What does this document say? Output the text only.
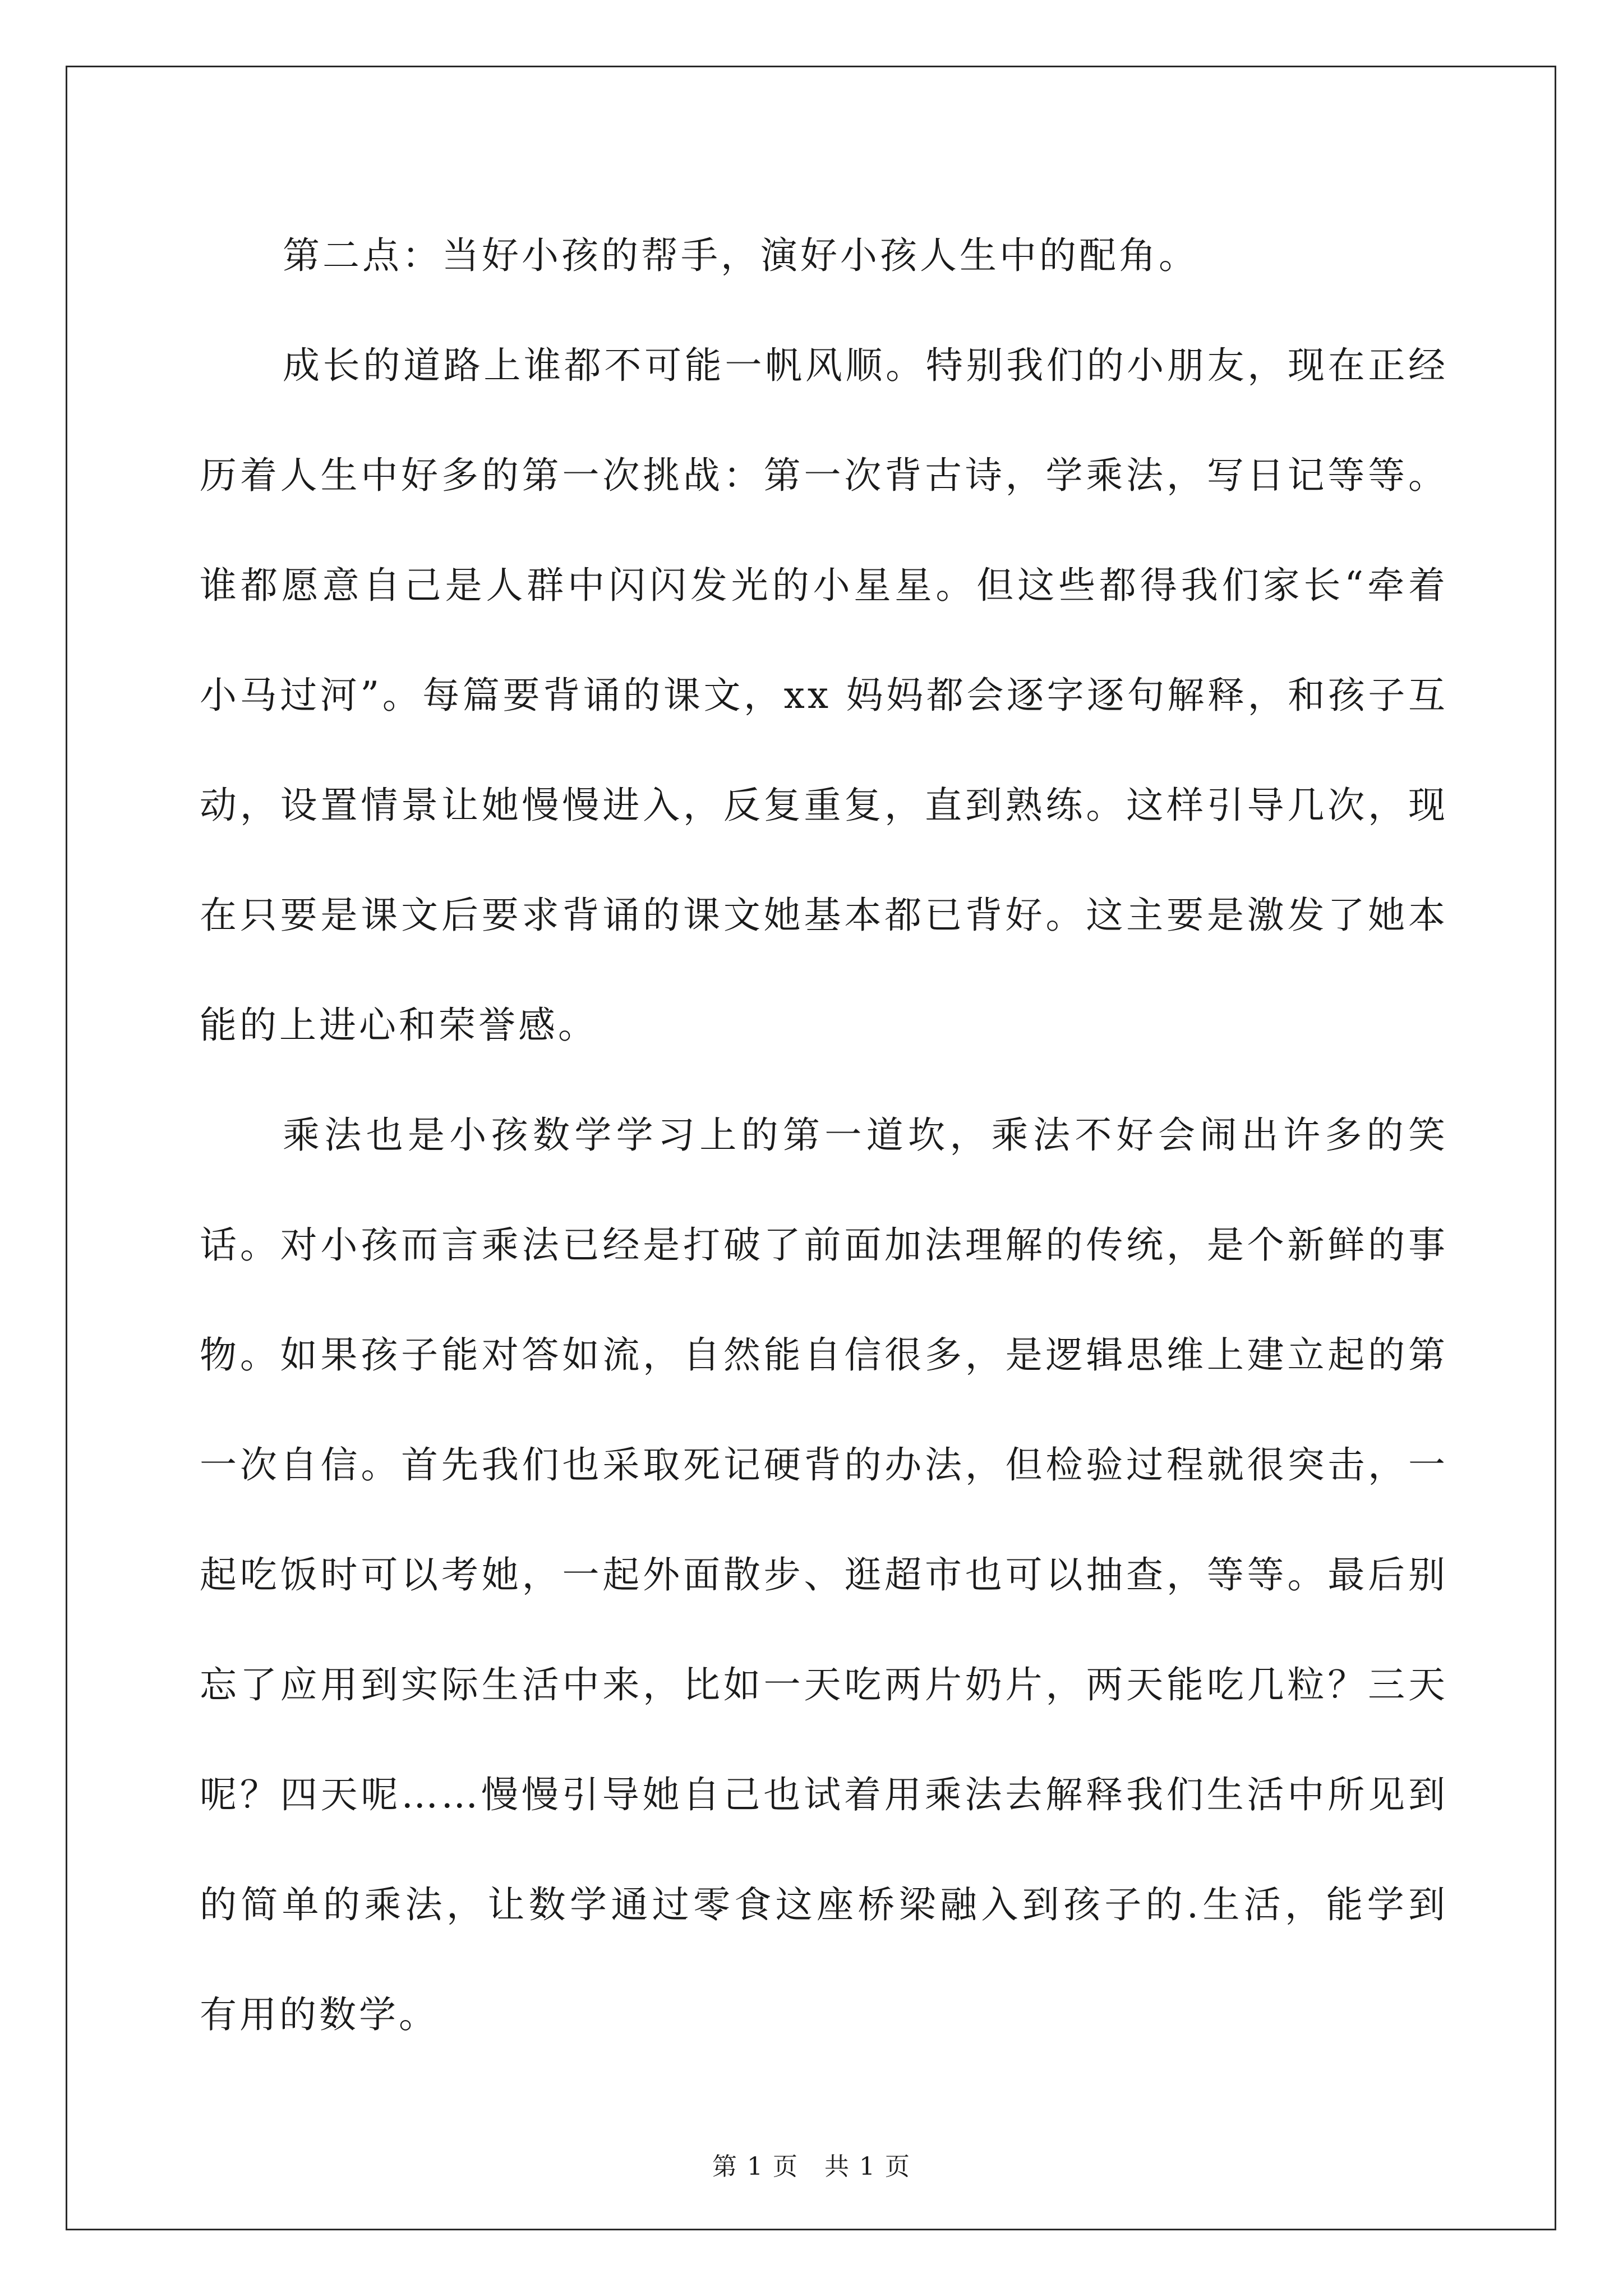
第二点：当好小孩的帮手，演好小孩人生中的配角。

成长的道路上谁都不可能一帆风顺。特别我们的小朋友，现在正经历着人生中好多的第一次挑战：第一次背古诗，学乘法，写日记等等。谁都愿意自己是人群中闪闪发光的小星星。但这些都得我们家长“牵着小马过河”。每篇要背诵的课文，xx 妈妈都会逐字逐句解释，和孩子互动，设置情景让她慢慢进入，反复重复，直到熟练。这样引导几次，现在只要是课文后要求背诵的课文她基本都已背好。这主要是激发了她本能的上进心和荣誉感。

乘法也是小孩数学学习上的第一道坎，乘法不好会闹出许多的笑话。对小孩而言乘法已经是打破了前面加法理解的传统，是个新鲜的事物。如果孩子能对答如流，自然能自信很多，是逻辑思维上建立起的第一次自信。首先我们也采取死记硬背的办法，但检验过程就很突击，一起吃饭时可以考她，一起外面散步、逛超市也可以抽查，等等。最后别忘了应用到实际生活中来，比如一天吃两片奶片，两天能吃几粒？三天呢？四天呢……慢慢引导她自己也试着用乘法去解释我们生活中所见到的简单的乘法，让数学通过零食这座桥梁融入到孩子的.生活，能学到有用的数学。

第 1 页　共 1 页
